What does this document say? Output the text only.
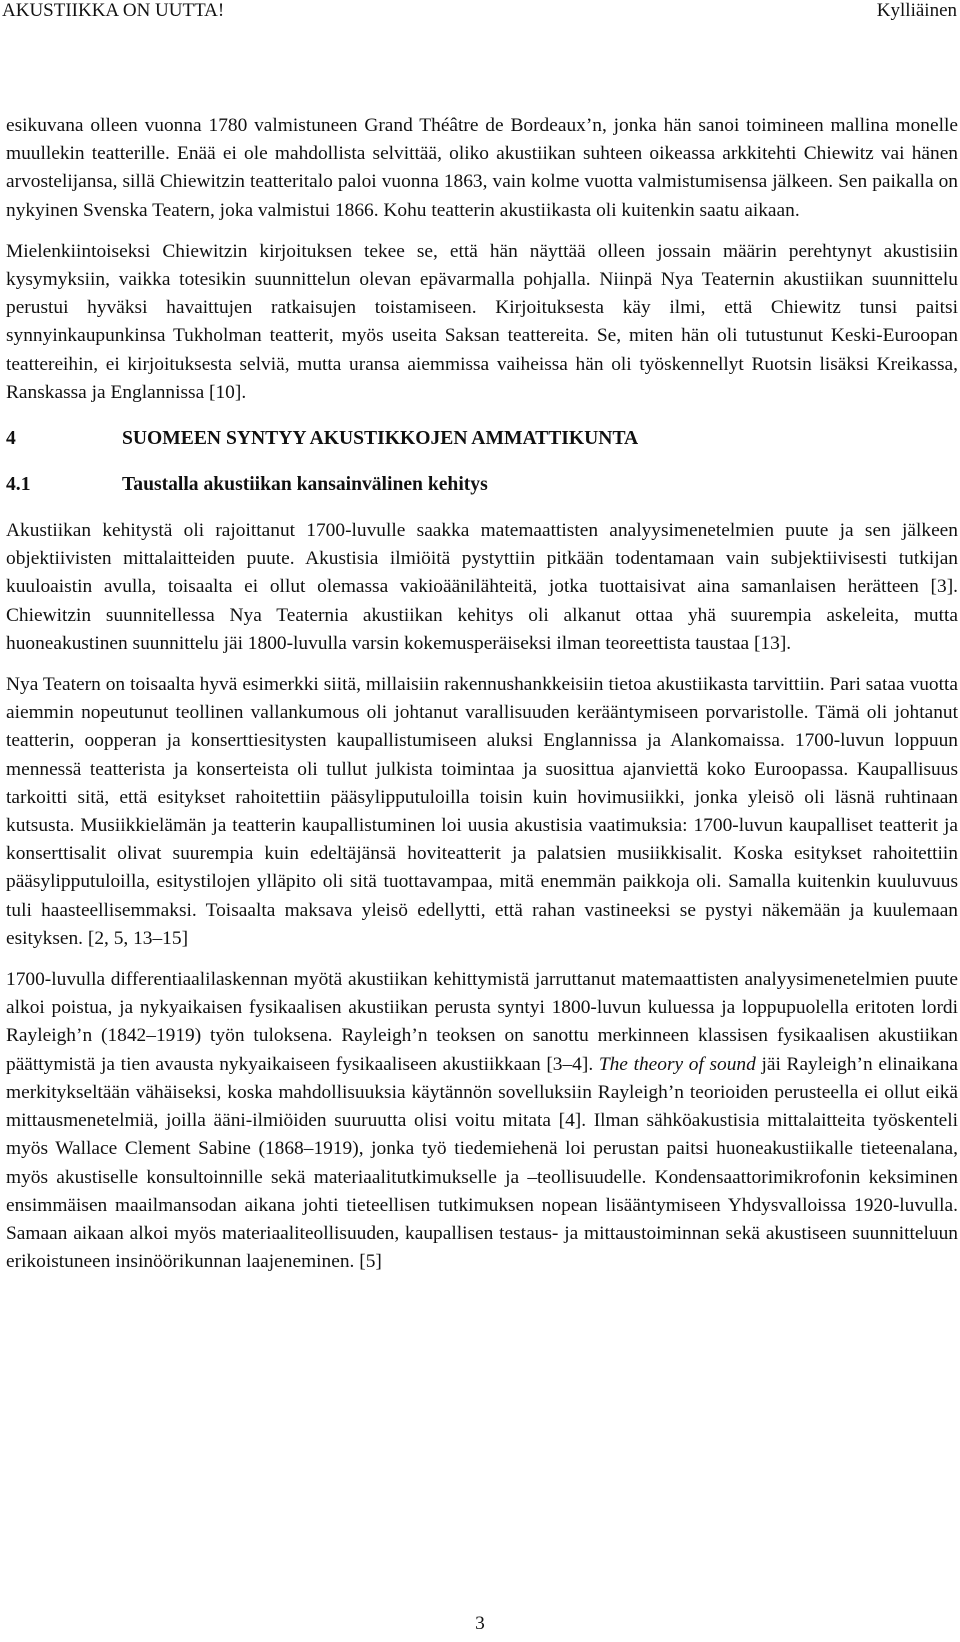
AKUSTIIKKA ON UUTTA!	Kylliäinen

esikuvana olleen vuonna 1780 valmistuneen Grand Théâtre de Bordeaux’n, jonka hän sanoi toimineen mallina monelle muullekin teatterille. Enää ei ole mahdollista selvittää, oliko akustiikan suhteen oikeassa arkkitehti Chiewitz vai hänen arvostelijansa, sillä Chiewitzin teatteritalo paloi vuonna 1863, vain kolme vuotta valmistumisensa jälkeen. Sen paikalla on nykyinen Svenska Teatern, joka valmistui 1866. Kohu teatterin akustiikasta oli kuitenkin saatu aikaan.

Mielenkiintoiseksi Chiewitzin kirjoituksen tekee se, että hän näyttää olleen jossain määrin perehtynyt akustisiin kysymyksiin, vaikka totesikin suunnittelun olevan epävarmalla pohjalla. Niinpä Nya Teaternin akustiikan suunnittelu perustui hyväksi havaittujen ratkaisujen toistamiseen. Kirjoituksesta käy ilmi, että Chiewitz tunsi paitsi synnyinkaupunkinsa Tukholman teatterit, myös useita Saksan teattereita. Se, miten hän oli tutustunut Keski-Euroopan teattereihin, ei kirjoituksesta selviä, mutta uransa aiemmissa vaiheissa hän oli työskennellyt Ruotsin lisäksi Kreikassa, Ranskassa ja Englannissa [10].

4	SUOMEEN SYNTYY AKUSTIKKOJEN AMMATTIKUNTA
4.1	Taustalla akustiikan kansainvälinen kehitys

Akustiikan kehitystä oli rajoittanut 1700-luvulle saakka matemaattisten analyysimenetelmien puute ja sen jälkeen objektiivisten mittalaitteiden puute. Akustisia ilmiöitä pystyttiin pitkään todentamaan vain subjektiivisesti tutkijan kuuloaistin avulla, toisaalta ei ollut olemassa vakioäänilähteitä, jotka tuottaisivat aina samanlaisen herätteen [3]. Chiewitzin suunnitellessa Nya Teaternia akustiikan kehitys oli alkanut ottaa yhä suurempia askeleita, mutta huoneakustinen suunnittelu jäi 1800-luvulla varsin kokemusperäiseksi ilman teoreettista taustaa [13].

Nya Teatern on toisaalta hyvä esimerkki siitä, millaisiin rakennushankkeisiin tietoa akustiikasta tarvittiin. Pari sataa vuotta aiemmin nopeutunut teollinen vallankumous oli johtanut varallisuuden kerääntymiseen porvaristolle. Tämä oli johtanut teatterin, oopperan ja konserttiesitysten kaupallistumiseen aluksi Englannissa ja Alankomaissa. 1700-luvun loppuun mennessä teatterista ja konserteista oli tullut julkista toimintaa ja suosittua ajanviettä koko Euroopassa. Kaupallisuus tarkoitti sitä, että esitykset rahoitettiin pääsylipputuloilla toisin kuin hovimusiikki, jonka yleisö oli läsnä ruhtinaan kutsusta. Musiikkielämän ja teatterin kaupallistuminen loi uusia akustisia vaatimuksia: 1700-luvun kaupalliset teatterit ja konserttisalit olivat suurempia kuin edeltäjänsä hoviteatterit ja palatsien musiikkisalit. Koska esitykset rahoitettiin pääsylipputuloilla, esitystilojen ylläpito oli sitä tuottavampaa, mitä enemmän paikkoja oli. Samalla kuitenkin kuuluvuus tuli haasteellisemmaksi. Toisaalta maksava yleisö edellytti, että rahan vastineeksi se pystyi näkemään ja kuulemaan esityksen. [2, 5, 13–15]

1700-luvulla differentiaalilaskennan myötä akustiikan kehittymistä jarruttanut matemaattisten analyysimenetelmien puute alkoi poistua, ja nykyaikaisen fysikaalisen akustiikan perusta syntyi 1800-luvun kuluessa ja loppupuolella eritoten lordi Rayleigh’n (1842–1919) työn tuloksena. Rayleigh’n teoksen on sanottu merkinneen klassisen fysikaalisen akustiikan päättymistä ja tien avausta nykyaikaiseen fysikaaliseen akustiikkaan [3–4]. The theory of sound jäi Rayleigh’n elinaikana merkitykseltään vähäiseksi, koska mahdollisuuksia käytännön sovelluksiin Rayleigh’n teorioiden perusteella ei ollut eikä mittausmenetelmiä, joilla ääni-ilmiöiden suuruutta olisi voitu mitata [4]. Ilman sähköakustisia mittalaitteita työskenteli myös Wallace Clement Sabine (1868–1919), jonka työ tiedemiehenä loi perustan paitsi huoneakustiikalle tieteenalana, myös akustiselle konsultoinnille sekä materiaalitutkimukselle ja –teollisuudelle. Kondensaattorimikrofonin keksiminen ensimmäisen maailmansodan aikana johti tieteellisen tutkimuksen nopean lisääntymiseen Yhdysvalloissa 1920-luvulla. Samaan aikaan alkoi myös materiaaliteollisuuden, kaupallisen testaus- ja mittaustoiminnan sekä akustiseen suunnitteluun erikoistuneen insinöörikunnan laajeneminen. [5]

3
